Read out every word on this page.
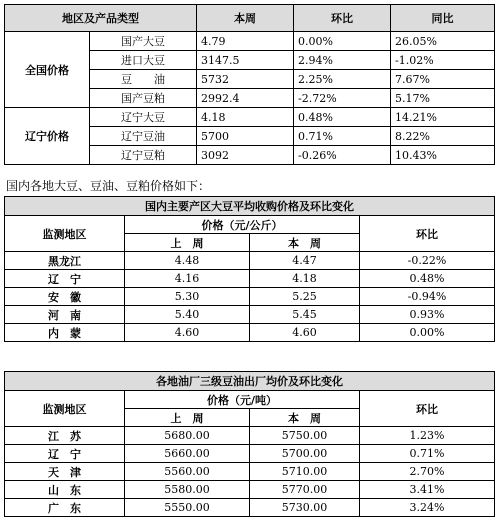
地区及产品类型		本周	环比	同比
全国价格	国产大豆	4.79	0.00%	26.05%
	进口大豆	3147.5	2.94%	-1.02%
	豆　　油	5732	2.25%	7.67%
	国产豆粕	2992.4	-2.72%	5.17%
辽宁价格	辽宁大豆	4.18	0.48%	14.21%
	辽宁豆油	5700	0.71%	8.22%
	辽宁豆粕	3092	-0.26%	10.43%
国内各地大豆、豆油、豆粕价格如下：
国内主要产区大豆平均收购价格及环比变化			
监测地区	价格（元/公斤）		环比
	上　周	本　周	
黑龙江	4.48	4.47	-0.22%
辽　宁	4.16	4.18	0.48%
安　徽	5.30	5.25	-0.94%
河　南	5.40	5.45	0.93%
内　蒙	4.60	4.60	0.00%
各地油厂三级豆油出厂均价及环比变化			
监测地区	价格（元/吨）		环比
	上　周	本　周	
江　苏	5680.00	5750.00	1.23%
辽　宁	5660.00	5700.00	0.71%
天　津	5560.00	5710.00	2.70%
山　东	5580.00	5770.00	3.41%
广　东	5550.00	5730.00	3.24%
